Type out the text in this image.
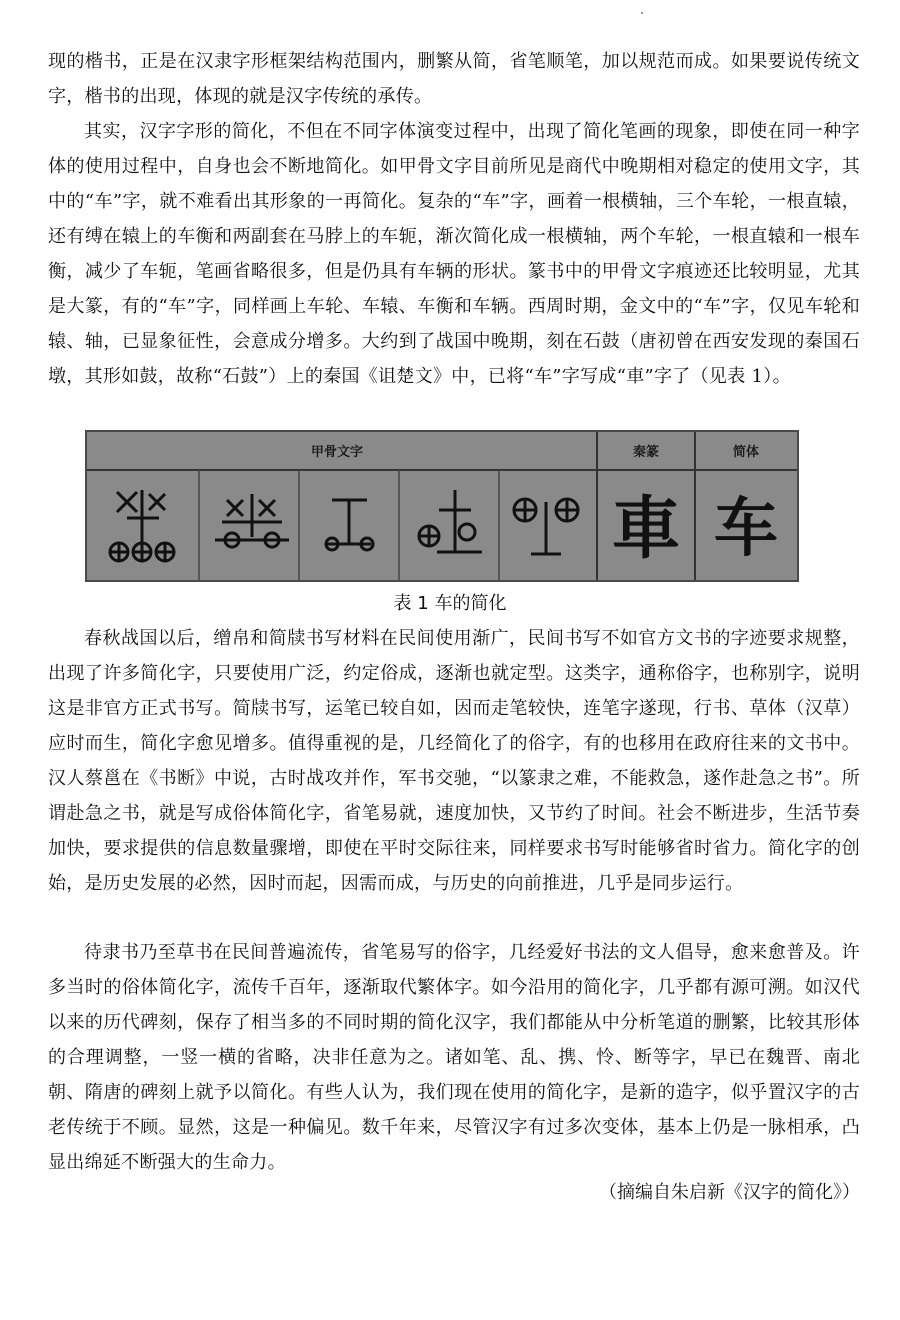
现的楷书，正是在汉隶字形框架结构范围内，删繁从简，省笔顺笔，加以规范而成。如果要说传统文字，楷书的出现，体现的就是汉字传统的承传。

其实，汉字字形的简化，不但在不同字体演变过程中，出现了简化笔画的现象，即使在同一种字体的使用过程中，自身也会不断地简化。如甲骨文字目前所见是商代中晚期相对稳定的使用文字，其中的“车”字，就不难看出其形象的一再简化。复杂的“车”字，画着一根横轴，三个车轮，一根直辕，还有缚在辕上的车衡和两副套在马脖上的车轭，渐次简化成一根横轴，两个车轮，一根直辕和一根车衡，减少了车轭，笔画省略很多，但是仍具有车辆的形状。篆书中的甲骨文字痕迹还比较明显，尤其是大篆，有的“车”字，同样画上车轮、车辕、车衡和车辆。西周时期，金文中的“车”字，仅见车轮和辕、轴，已显象征性，会意成分增多。大约到了战国中晚期，刻在石鼓（唐初曾在西安发现的秦国石墩，其形如鼓，故称“石鼓”）上的秦国《诅楚文》中，已将“车”字写成“車”字了（见表 1）。

甲骨文字	秦篆	简体
車 车
表 1 车的简化

春秋战国以后，缯帛和简牍书写材料在民间使用渐广，民间书写不如官方文书的字迹要求规整，出现了许多简化字，只要使用广泛，约定俗成，逐渐也就定型。这类字，通称俗字，也称别字，说明这是非官方正式书写。简牍书写，运笔已较自如，因而走笔较快，连笔字遂现，行书、草体（汉草）应时而生，简化字愈见增多。值得重视的是，几经简化了的俗字，有的也移用在政府往来的文书中。汉人蔡邕在《书断》中说，古时战攻并作，军书交驰，“以篆隶之难，不能救急，遂作赴急之书”。所谓赴急之书，就是写成俗体简化字，省笔易就，速度加快，又节约了时间。社会不断进步，生活节奏加快，要求提供的信息数量骤增，即使在平时交际往来，同样要求书写时能够省时省力。简化字的创始，是历史发展的必然，因时而起，因需而成，与历史的向前推进，几乎是同步运行。

待隶书乃至草书在民间普遍流传，省笔易写的俗字，几经爱好书法的文人倡导，愈来愈普及。许多当时的俗体简化字，流传千百年，逐渐取代繁体字。如今沿用的简化字，几乎都有源可溯。如汉代以来的历代碑刻，保存了相当多的不同时期的简化汉字，我们都能从中分析笔道的删繁，比较其形体的合理调整，一竖一横的省略，决非任意为之。诸如笔、乱、携、怜、断等字，早已在魏晋、南北朝、隋唐的碑刻上就予以简化。有些人认为，我们现在使用的简化字，是新的造字，似乎置汉字的古老传统于不顾。显然，这是一种偏见。数千年来，尽管汉字有过多次变体，基本上仍是一脉相承，凸显出绵延不断强大的生命力。

（摘编自朱启新《汉字的简化》）
